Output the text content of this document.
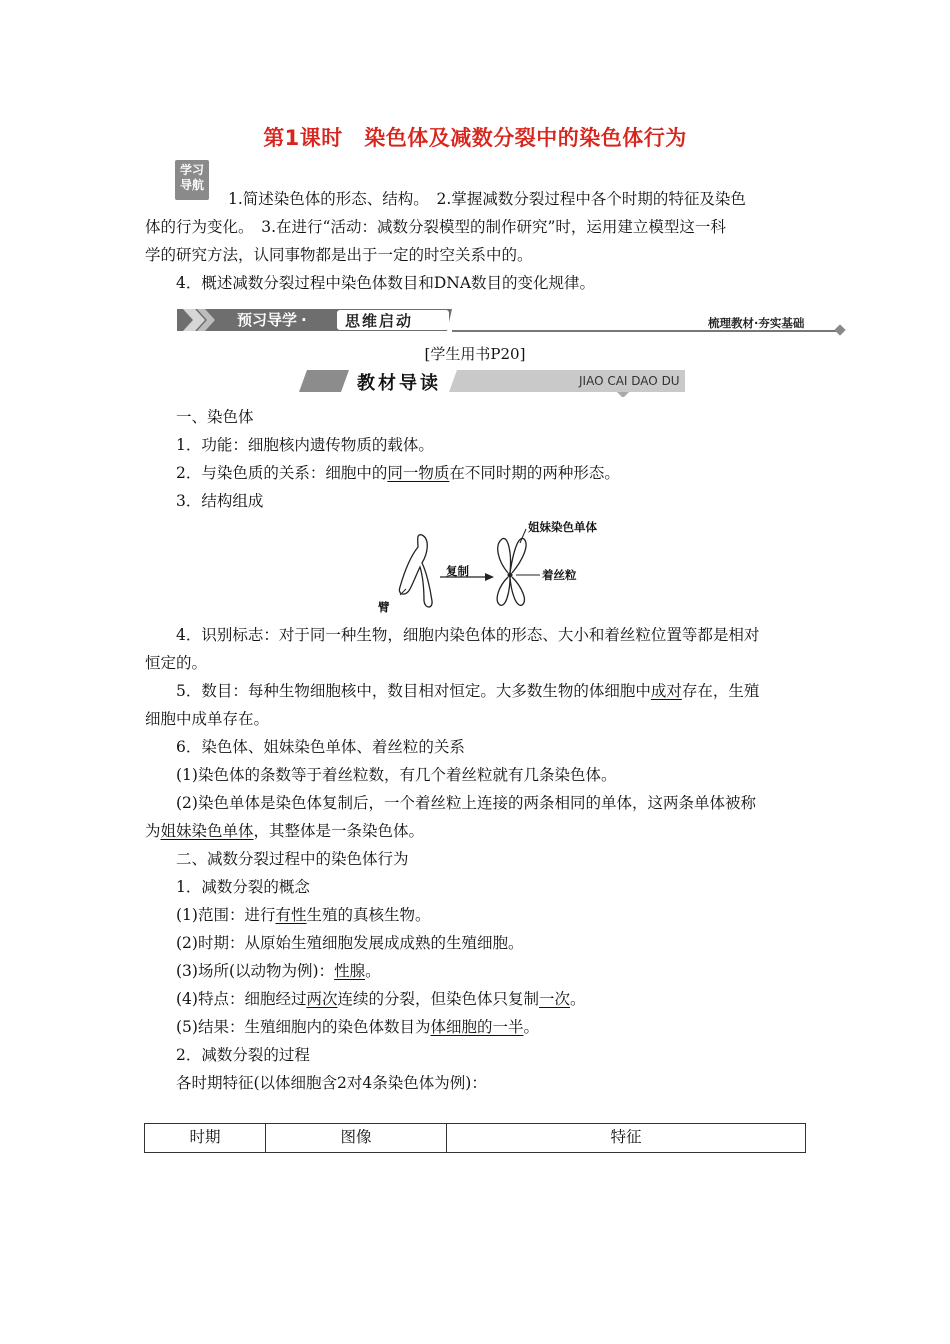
第1课时　染色体及减数分裂中的染色体行为
学习
导航
1.简述染色体的形态、结构。　2.掌握减数分裂过程中各个时期的特征及染色
体的行为变化。　3.在进行“活动：减数分裂模型的制作研究”时，运用建立模型这一科
学的研究方法，认同事物都是出于一定的时空关系中的。
4．概述减数分裂过程中染色体数目和DNA数目的变化规律。
预习导学 ·	思维启动	梳理教材·夯实基础
[学生用书P20]
教材导读	JIAO CAI DAO DU
一、染色体
1．功能：细胞核内遗传物质的载体。
2．与染色质的关系：细胞中的同一物质在不同时期的两种形态。
3．结构组成
姐妹染色单体
着丝粒
复制
臂
4．识别标志：对于同一种生物，细胞内染色体的形态、大小和着丝粒位置等都是相对
恒定的。
5．数目：每种生物细胞核中，数目相对恒定。大多数生物的体细胞中成对存在，生殖
细胞中成单存在。
6．染色体、姐妹染色单体、着丝粒的关系
(1)染色体的条数等于着丝粒数，有几个着丝粒就有几条染色体。
(2)染色单体是染色体复制后，一个着丝粒上连接的两条相同的单体，这两条单体被称
为姐妹染色单体，其整体是一条染色体。
二、减数分裂过程中的染色体行为
1．减数分裂的概念
(1)范围：进行有性生殖的真核生物。
(2)时期：从原始生殖细胞发展成成熟的生殖细胞。
(3)场所(以动物为例)：性腺。
(4)特点：细胞经过两次连续的分裂，但染色体只复制一次。
(5)结果：生殖细胞内的染色体数目为体细胞的一半。
2．减数分裂的过程
各时期特征(以体细胞含2对4条染色体为例)：
时期	图像	特征
